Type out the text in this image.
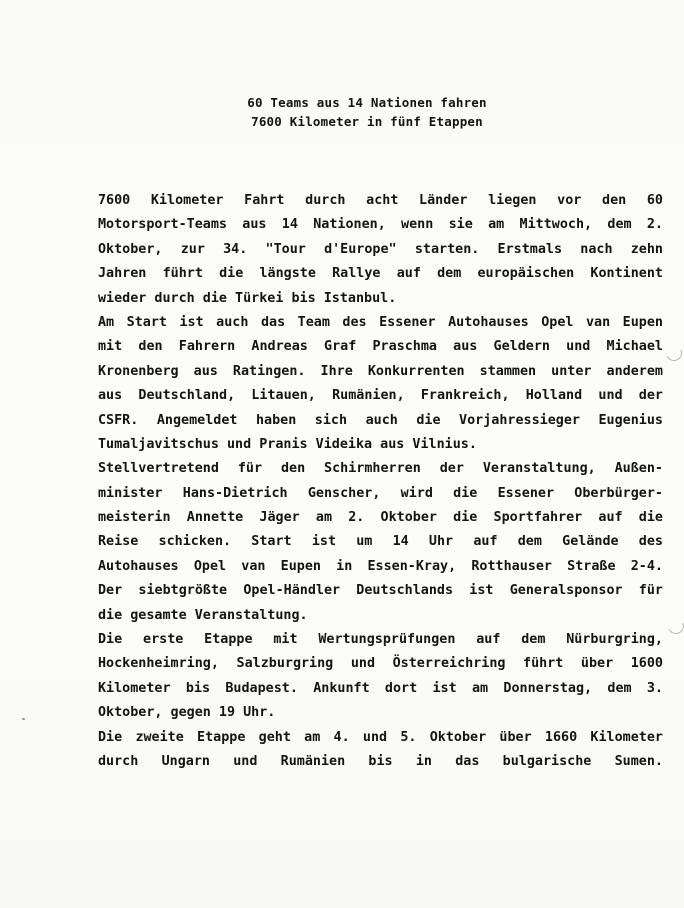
60 Teams aus 14 Nationen fahren
7600 Kilometer in fünf Etappen
7600 Kilometer Fahrt durch acht Länder liegen vor den 60
Motorsport-Teams aus 14 Nationen, wenn sie am Mittwoch, dem 2.
Oktober, zur 34. "Tour d'Europe" starten. Erstmals nach zehn
Jahren führt die längste Rallye auf dem europäischen Kontinent
wieder durch die Türkei bis Istanbul.
Am Start ist auch das Team des Essener Autohauses Opel van Eupen
mit den Fahrern Andreas Graf Praschma aus Geldern und Michael
Kronenberg aus Ratingen. Ihre Konkurrenten stammen unter anderem
aus Deutschland, Litauen, Rumänien, Frankreich, Holland und der
CSFR. Angemeldet haben sich auch die Vorjahressieger Eugenius
Tumaljavitschus und Pranis Videika aus Vilnius.
Stellvertretend für den Schirmherren der Veranstaltung, Außen-
minister Hans-Dietrich Genscher, wird die Essener Oberbürger-
meisterin Annette Jäger am 2. Oktober die Sportfahrer auf die
Reise schicken. Start ist um 14 Uhr auf dem Gelände des
Autohauses Opel van Eupen in Essen-Kray, Rotthauser Straße 2-4.
Der siebtgrößte Opel-Händler Deutschlands ist Generalsponsor für
die gesamte Veranstaltung.
Die erste Etappe mit Wertungsprüfungen auf dem Nürburgring,
Hockenheimring, Salzburgring und Österreichring führt über 1600
Kilometer bis Budapest. Ankunft dort ist am Donnerstag, dem 3.
Oktober, gegen 19 Uhr.
Die zweite Etappe geht am 4. und 5. Oktober über 1660 Kilometer
durch Ungarn und Rumänien bis in das bulgarische Sumen.
